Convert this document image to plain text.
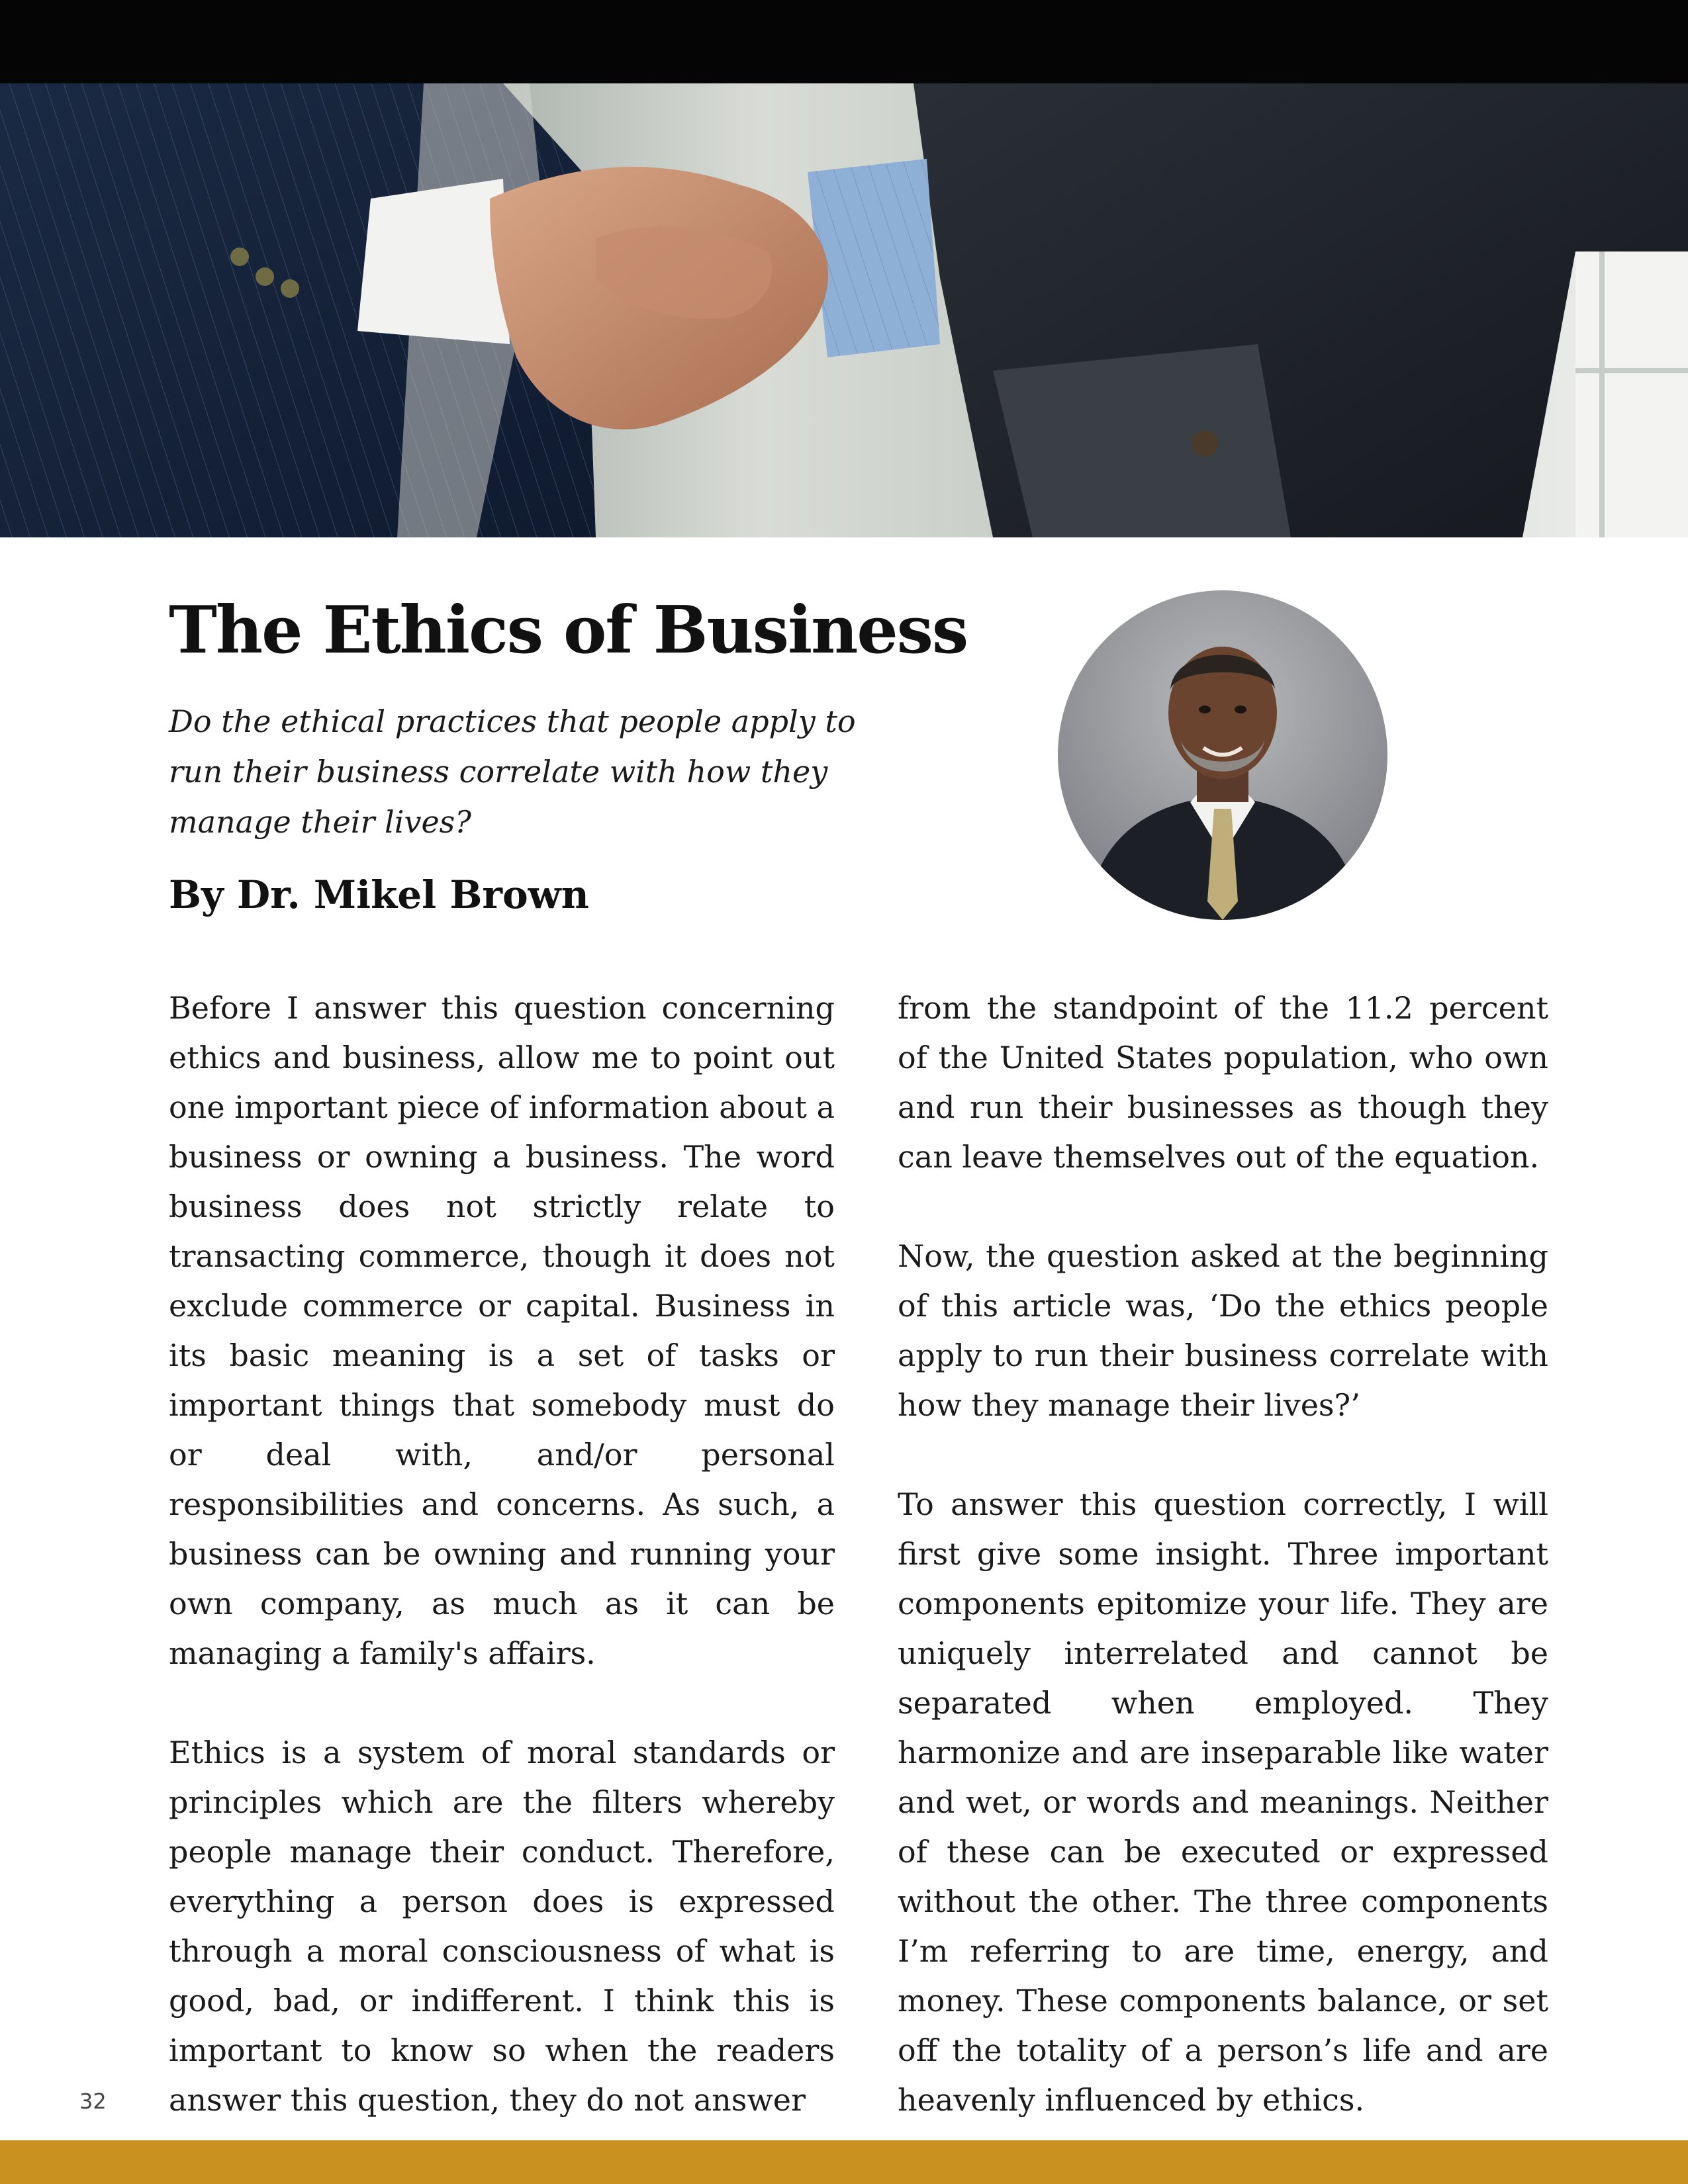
The Ethics of Business

Do the ethical practices that people apply to run their business correlate with how they manage their lives?

By Dr. Mikel Brown

Before I answer this question concerning ethics and business, allow me to point out one important piece of information about a business or owning a business. The word business does not strictly relate to transacting commerce, though it does not exclude commerce or capital. Business in its basic meaning is a set of tasks or important things that somebody must do or deal with, and/or personal responsibilities and concerns. As such, a business can be owning and running your own company, as much as it can be managing a family's affairs.

Ethics is a system of moral standards or principles which are the filters whereby people manage their conduct. Therefore, everything a person does is expressed through a moral consciousness of what is good, bad, or indifferent. I think this is important to know so when the readers answer this question, they do not answer

from the standpoint of the 11.2 percent of the United States population, who own and run their businesses as though they can leave themselves out of the equation.

Now, the question asked at the beginning of this article was, ‘Do the ethics people apply to run their business correlate with how they manage their lives?’

To answer this question correctly, I will first give some insight. Three important components epitomize your life. They are uniquely interrelated and cannot be separated when employed. They harmonize and are inseparable like water and wet, or words and meanings. Neither of these can be executed or expressed without the other. The three components I’m referring to are time, energy, and money. These components balance, or set off the totality of a person’s life and are heavenly influenced by ethics.

32
